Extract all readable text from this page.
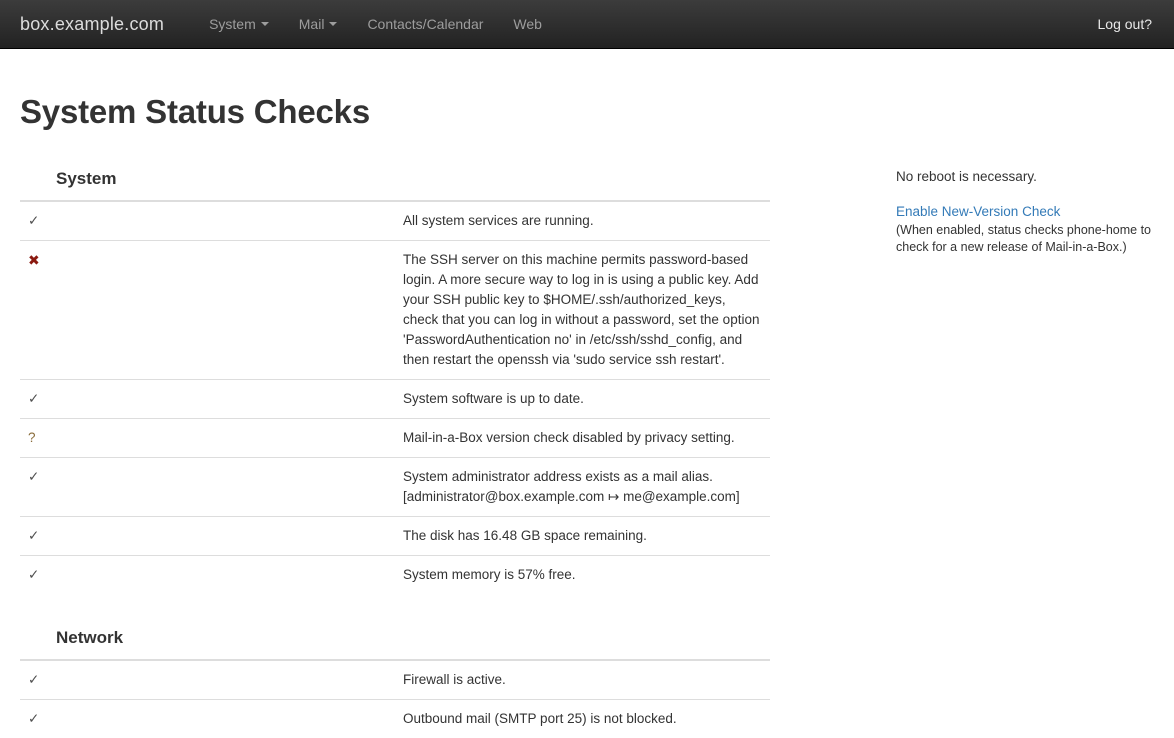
box.example.com	System	Mail	Contacts/Calendar Web	Log out?
System Status Checks
System	
✓	All system services are running.
✖	The SSH server on this machine permits password-based login. A more secure way to log in is using a public key. Add your SSH public key to $HOME/.ssh/authorized_keys, check that you can log in without a password, set the option 'PasswordAuthentication no' in /etc/ssh/sshd_config, and then restart the openssh via 'sudo service ssh restart'.
✓	System software is up to date.
?	Mail-in-a-Box version check disabled by privacy setting.
✓	System administrator address exists as a mail alias. [administrator@box.example.com ↦ me@example.com]
✓	The disk has 16.48 GB space remaining.
✓	System memory is 57% free.
Network	
✓	Firewall is active.
✓	Outbound mail (SMTP port 25) is not blocked.
No reboot is necessary.
Enable New-Version Check
(When enabled, status checks phone-home to check for a new release of Mail-in-a-Box.)
